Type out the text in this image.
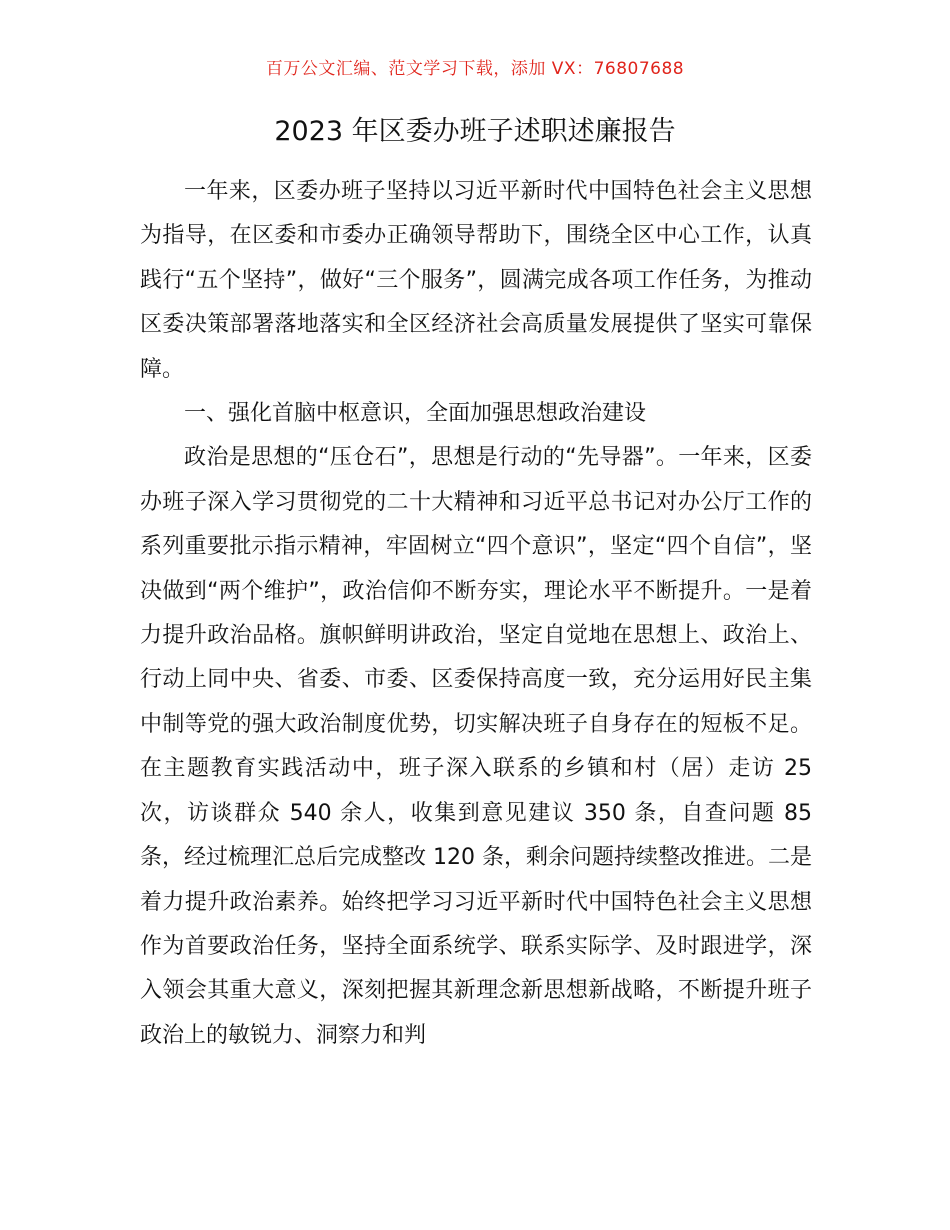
百万公文汇编、范文学习下载，添加 VX：76807688
2023 年区委办班子述职述廉报告

一年来，区委办班子坚持以习近平新时代中国特色社会主义思想为指导，在区委和市委办正确领导帮助下，围绕全区中心工作，认真践行“五个坚持”，做好“三个服务”，圆满完成各项工作任务，为推动区委决策部署落地落实和全区经济社会高质量发展提供了坚实可靠保障。

一、强化首脑中枢意识，全面加强思想政治建设

政治是思想的“压仓石”，思想是行动的“先导器”。一年来，区委办班子深入学习贯彻党的二十大精神和习近平总书记对办公厅工作的系列重要批示指示精神，牢固树立“四个意识”，坚定“四个自信”，坚决做到“两个维护”，政治信仰不断夯实，理论水平不断提升。一是着力提升政治品格。旗帜鲜明讲政治，坚定自觉地在思想上、政治上、行动上同中央、省委、市委、区委保持高度一致，充分运用好民主集中制等党的强大政治制度优势，切实解决班子自身存在的短板不足。在主题教育实践活动中，班子深入联系的乡镇和村（居）走访 25 次，访谈群众 540 余人，收集到意见建议 350 条，自查问题 85 条，经过梳理汇总后完成整改 120 条，剩余问题持续整改推进。二是着力提升政治素养。始终把学习习近平新时代中国特色社会主义思想作为首要政治任务，坚持全面系统学、联系实际学、及时跟进学，深入领会其重大意义，深刻把握其新理念新思想新战略，不断提升班子政治上的敏锐力、洞察力和判
